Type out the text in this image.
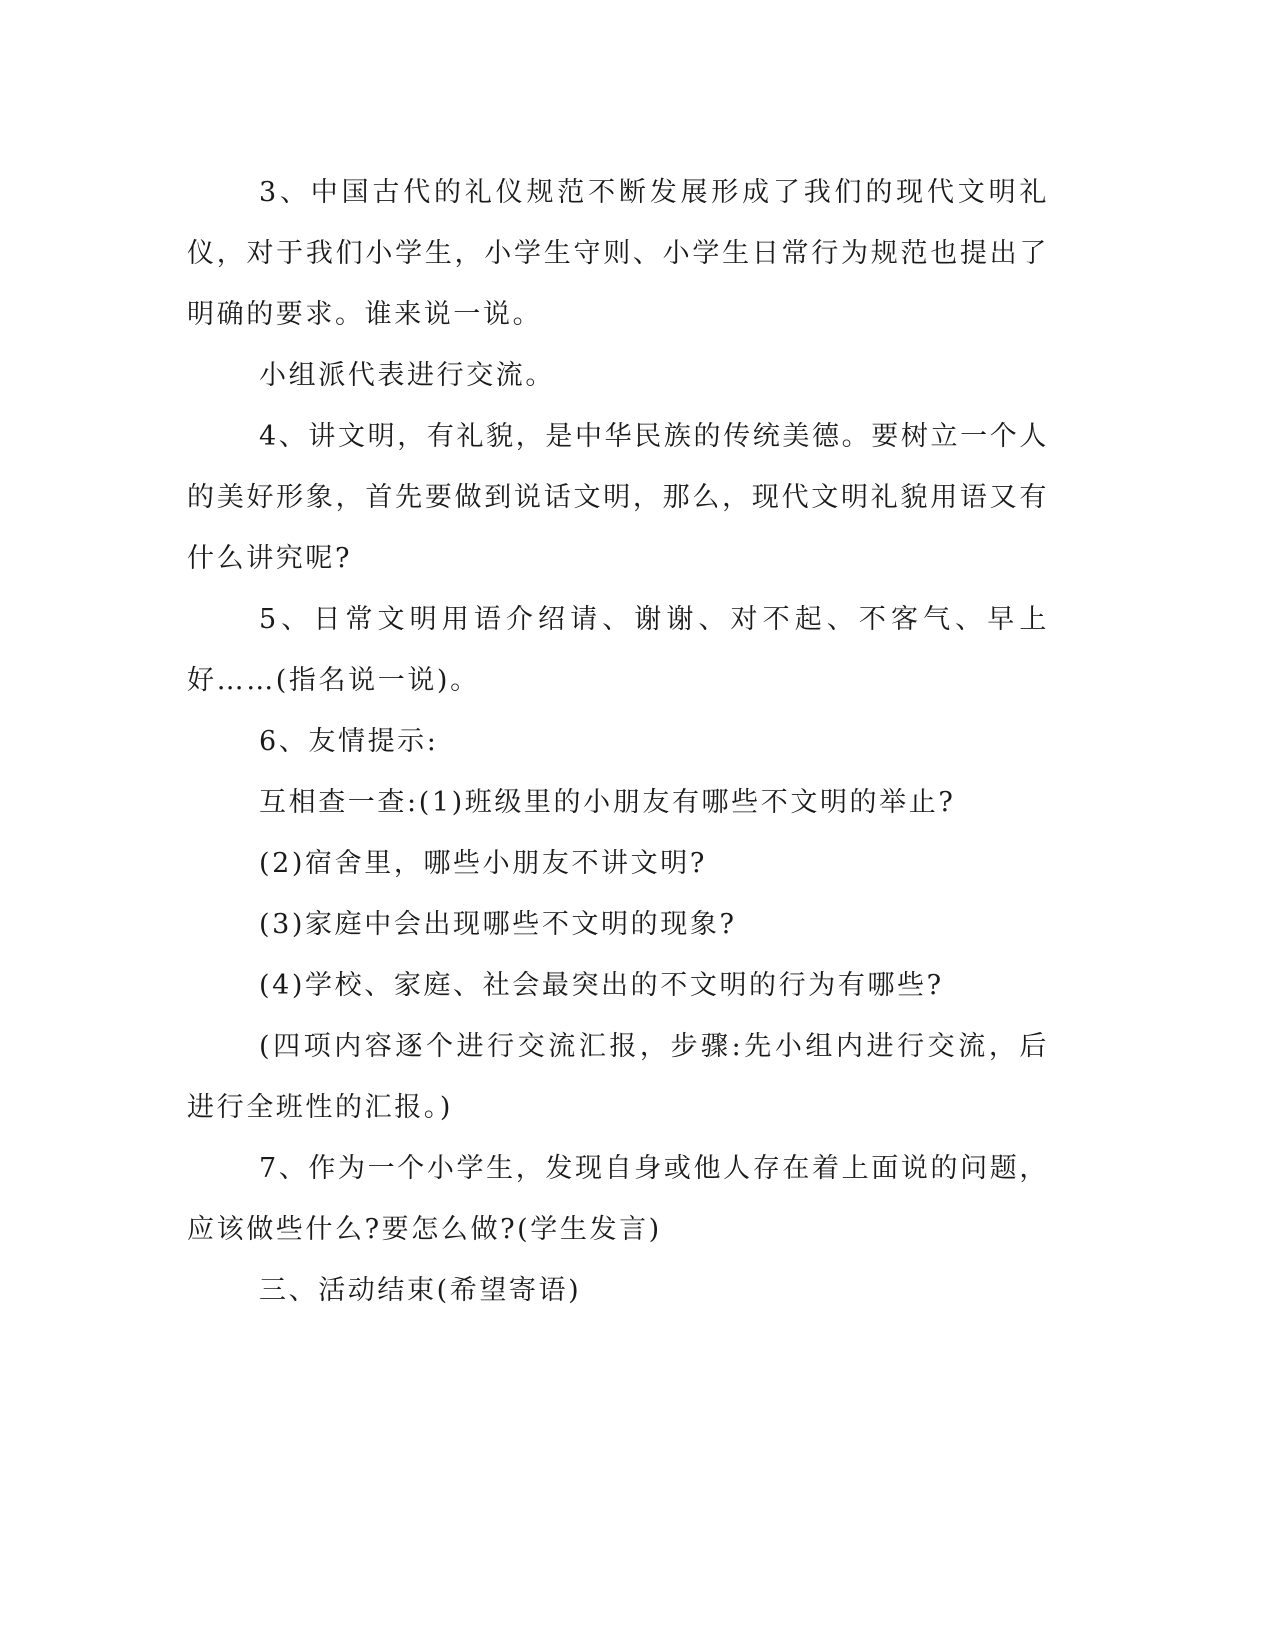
3、中国古代的礼仪规范不断发展形成了我们的现代文明礼仪，对于我们小学生，小学生守则、小学生日常行为规范也提出了明确的要求。谁来说一说。

小组派代表进行交流。

4、讲文明，有礼貌，是中华民族的传统美德。要树立一个人的美好形象，首先要做到说话文明，那么，现代文明礼貌用语又有什么讲究呢?

5、日常文明用语介绍请、谢谢、对不起、不客气、早上好……(指名说一说)。

6、友情提示:

互相查一查:(1)班级里的小朋友有哪些不文明的举止?

(2)宿舍里，哪些小朋友不讲文明?

(3)家庭中会出现哪些不文明的现象?

(4)学校、家庭、社会最突出的不文明的行为有哪些?

(四项内容逐个进行交流汇报，步骤:先小组内进行交流，后进行全班性的汇报。)

7、作为一个小学生，发现自身或他人存在着上面说的问题，应该做些什么?要怎么做?(学生发言)

三、活动结束(希望寄语)
